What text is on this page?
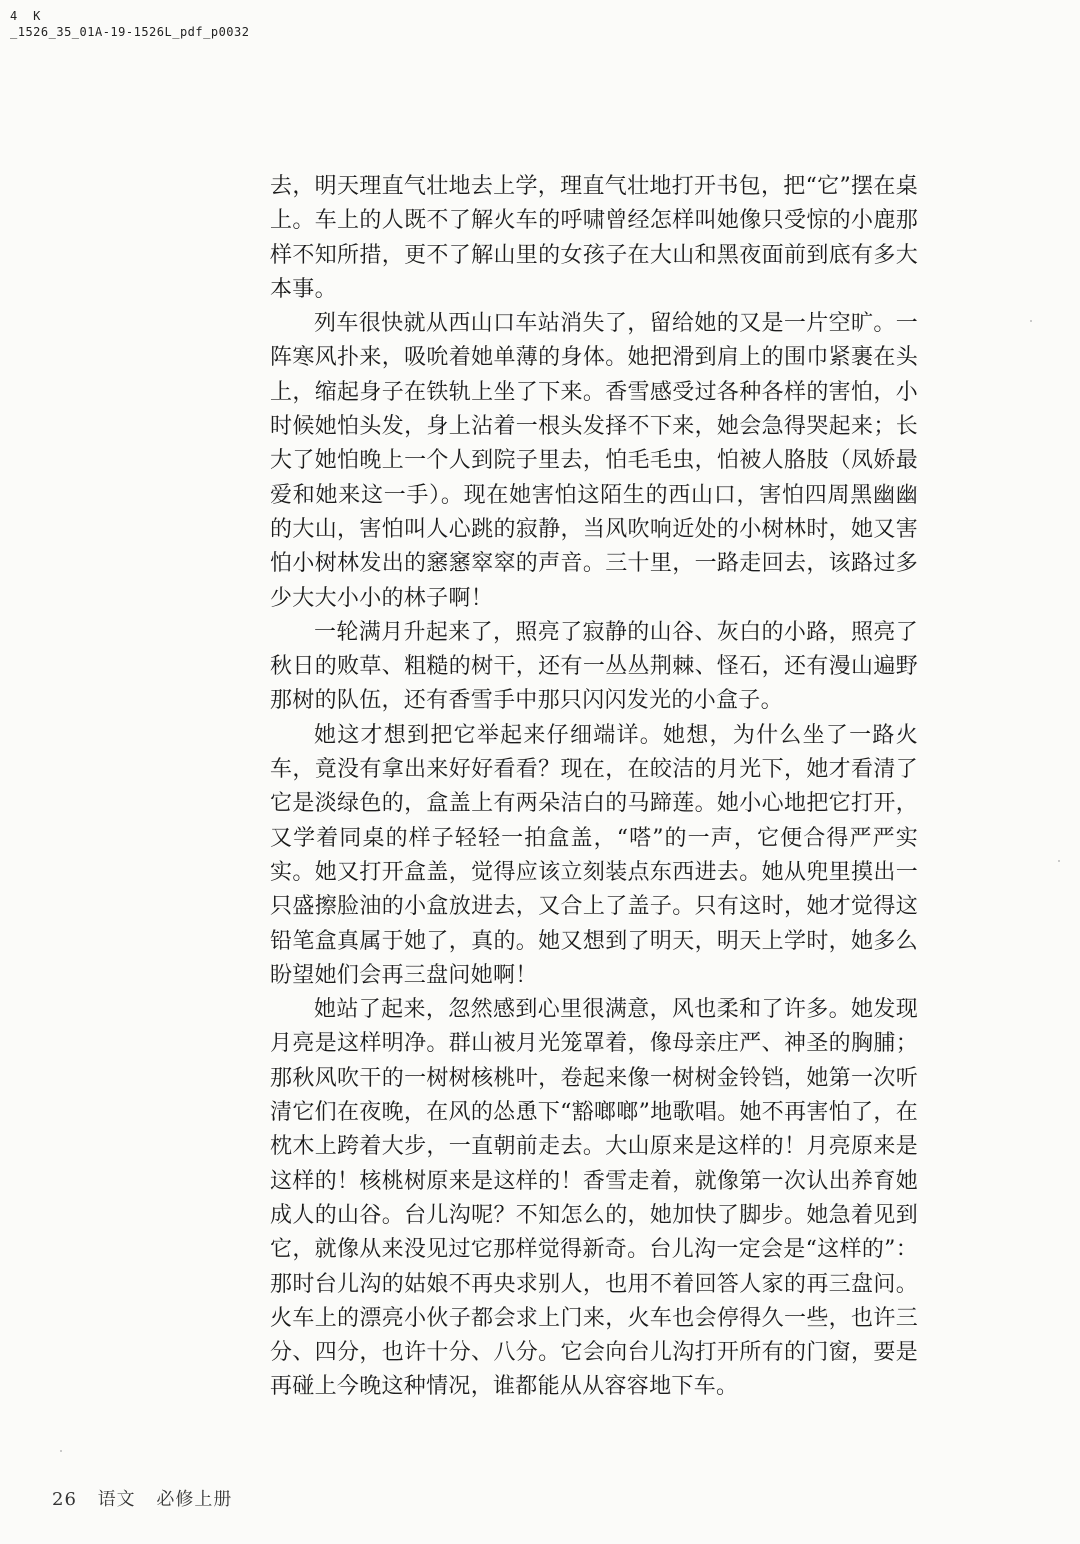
4  K
_1526_35_01A-19-1526L_pdf_p0032

去，明天理直气壮地去上学，理直气壮地打开书包，把“它”摆在桌上。车上的人既不了解火车的呼啸曾经怎样叫她像只受惊的小鹿那样不知所措，更不了解山里的女孩子在大山和黑夜面前到底有多大本事。

列车很快就从西山口车站消失了，留给她的又是一片空旷。一阵寒风扑来，吸吮着她单薄的身体。她把滑到肩上的围巾紧裹在头上，缩起身子在铁轨上坐了下来。香雪感受过各种各样的害怕，小时候她怕头发，身上沾着一根头发择不下来，她会急得哭起来；长大了她怕晚上一个人到院子里去，怕毛毛虫，怕被人胳肢（凤娇最爱和她来这一手）。现在她害怕这陌生的西山口，害怕四周黑幽幽的大山，害怕叫人心跳的寂静，当风吹响近处的小树林时，她又害怕小树林发出的窸窸窣窣的声音。三十里，一路走回去，该路过多少大大小小的林子啊！

一轮满月升起来了，照亮了寂静的山谷、灰白的小路，照亮了秋日的败草、粗糙的树干，还有一丛丛荆棘、怪石，还有漫山遍野那树的队伍，还有香雪手中那只闪闪发光的小盒子。

她这才想到把它举起来仔细端详。她想，为什么坐了一路火车，竟没有拿出来好好看看？现在，在皎洁的月光下，她才看清了它是淡绿色的，盒盖上有两朵洁白的马蹄莲。她小心地把它打开，又学着同桌的样子轻轻一拍盒盖，“嗒”的一声，它便合得严严实实。她又打开盒盖，觉得应该立刻装点东西进去。她从兜里摸出一只盛擦脸油的小盒放进去，又合上了盖子。只有这时，她才觉得这铅笔盒真属于她了，真的。她又想到了明天，明天上学时，她多么盼望她们会再三盘问她啊！

她站了起来，忽然感到心里很满意，风也柔和了许多。她发现月亮是这样明净。群山被月光笼罩着，像母亲庄严、神圣的胸脯；那秋风吹干的一树树核桃叶，卷起来像一树树金铃铛，她第一次听清它们在夜晚，在风的怂恿下“豁啷啷”地歌唱。她不再害怕了，在枕木上跨着大步，一直朝前走去。大山原来是这样的！月亮原来是这样的！核桃树原来是这样的！香雪走着，就像第一次认出养育她成人的山谷。台儿沟呢？不知怎么的，她加快了脚步。她急着见到它，就像从来没见过它那样觉得新奇。台儿沟一定会是“这样的”：那时台儿沟的姑娘不再央求别人，也用不着回答人家的再三盘问。火车上的漂亮小伙子都会求上门来，火车也会停得久一些，也许三分、四分，也许十分、八分。它会向台儿沟打开所有的门窗，要是再碰上今晚这种情况，谁都能从从容容地下车。

26 语文 必修上册
